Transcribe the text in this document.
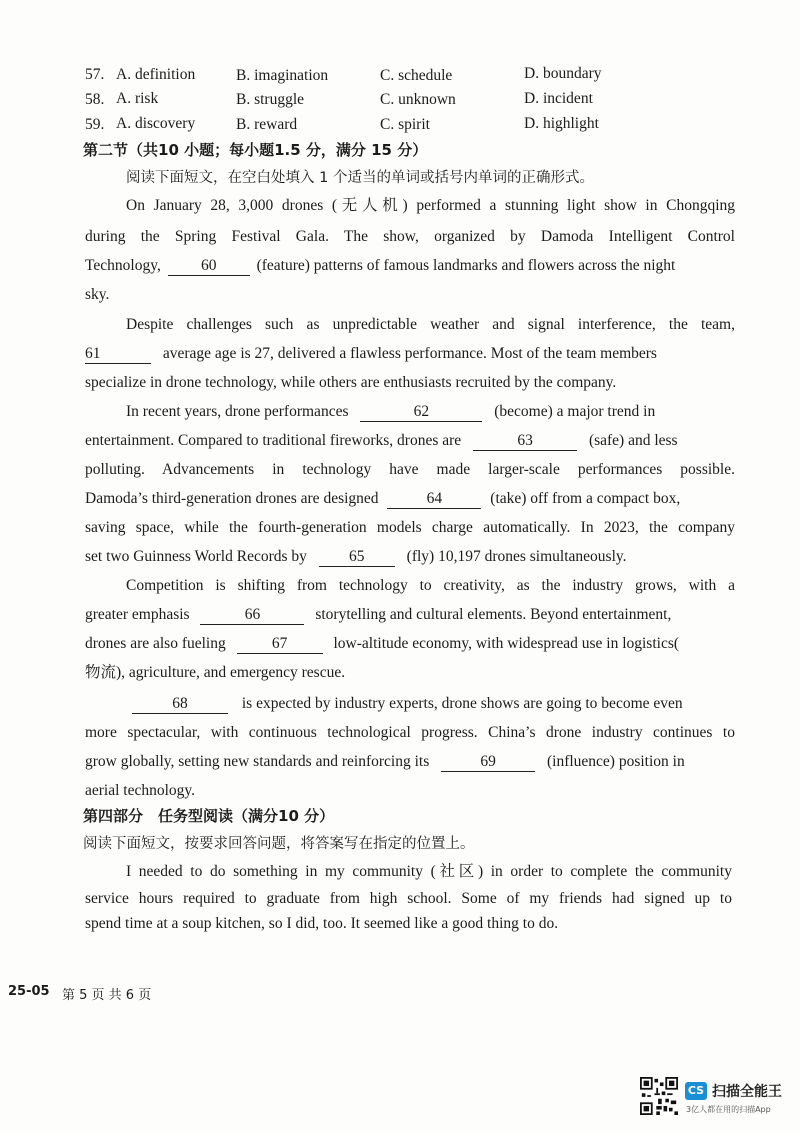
57. A. definition	B. imagination	C. schedule	D. boundary
58. A. risk	B. struggle	C. unknown	D. incident
59. A. discovery	B. reward	C. spirit	D. highlight
第二节（共10 小题；每小题1.5 分，满分 15 分）
阅读下面短文，在空白处填入 1 个适当的单词或括号内单词的正确形式。
On January 28, 3,000 drones (无人机) performed a stunning light show in Chongqing
during the Spring Festival Gala. The show, organized by Damoda Intelligent Control
Technology,	60	(feature) patterns of famous landmarks and flowers across the night
sky.
Despite challenges such as unpredictable weather and signal interference, the team,
61	average age is 27, delivered a flawless performance. Most of the team members
specialize in drone technology, while others are enthusiasts recruited by the company.
In recent years, drone performances	62	(become) a major trend in
entertainment. Compared to traditional fireworks, drones are	63	(safe) and less
polluting. Advancements in technology have made larger-scale performances possible.
Damoda’s third-generation drones are designed	64	(take) off from a compact box,
saving space, while the fourth-generation models charge automatically. In 2023, the company
set two Guinness World Records by	65	(fly) 10,197 drones simultaneously.
Competition is shifting from technology to creativity, as the industry grows, with a
greater emphasis	66	storytelling and cultural elements. Beyond entertainment,
drones are also fueling	67	low-altitude economy, with widespread use in logistics(
物流), agriculture, and emergency rescue.
68	is expected by industry experts, drone shows are going to become even
more spectacular, with continuous technological progress. China’s drone industry continues to
grow globally, setting new standards and reinforcing its	69	(influence) position in
aerial technology.
第四部分　任务型阅读（满分10 分）
阅读下面短文，按要求回答问题，将答案写在指定的位置上。
I needed to do something in my community (社区) in order to complete the community
service hours required to graduate from high school. Some of my friends had signed up to
spend time at a soup kitchen, so I did, too. It seemed like a good thing to do.
25-05 第 5 页 共 6 页
CS 扫描全能王
3亿人都在用的扫描App
